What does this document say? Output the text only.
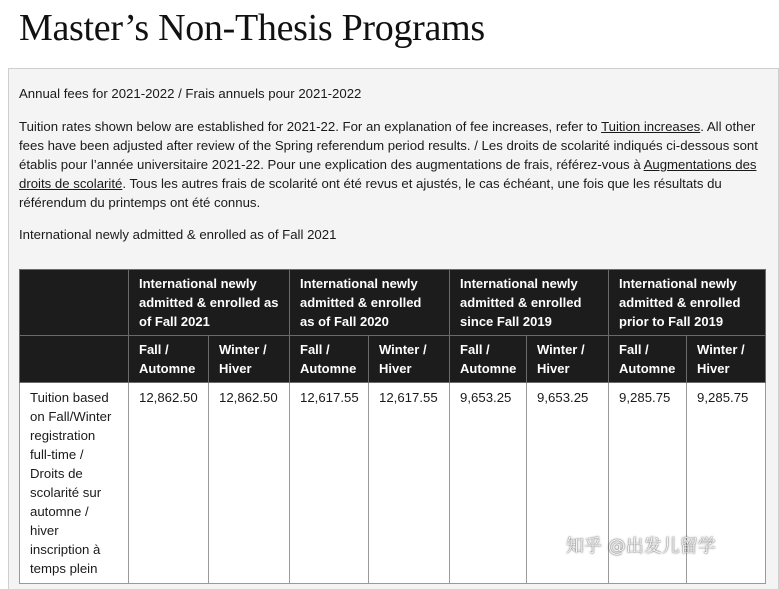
Master’s Non-Thesis Programs

Annual fees for 2021-2022 / Frais annuels pour 2021-2022

Tuition rates shown below are established for 2021-22. For an explanation of fee increases, refer to Tuition increases. All other fees have been adjusted after review of the Spring referendum period results. / Les droits de scolarité indiqués ci-dessous sont établis pour l’année universitaire 2021-22. Pour une explication des augmentations de frais, référez-vous à Augmentations des droits de scolarité. Tous les autres frais de scolarité ont été revus et ajustés, le cas échéant, une fois que les résultats du référendum du printemps ont été connus.

International newly admitted & enrolled as of Fall 2021

	International newly admitted & enrolled as of Fall 2021		International newly admitted & enrolled as of Fall 2020		International newly admitted & enrolled since Fall 2019		International newly admitted & enrolled prior to Fall 2019	
	Fall / Automne	Winter / Hiver	Fall / Automne	Winter / Hiver	Fall / Automne	Winter / Hiver	Fall / Automne	Winter / Hiver
Tuition based on Fall/Winter registration full-time / Droits de scolarité sur automne / hiver inscription à temps plein	12,862.50	12,862.50	12,617.55	12,617.55	9,653.25	9,653.25	9,285.75	9,285.75
知乎 @出发儿留学
